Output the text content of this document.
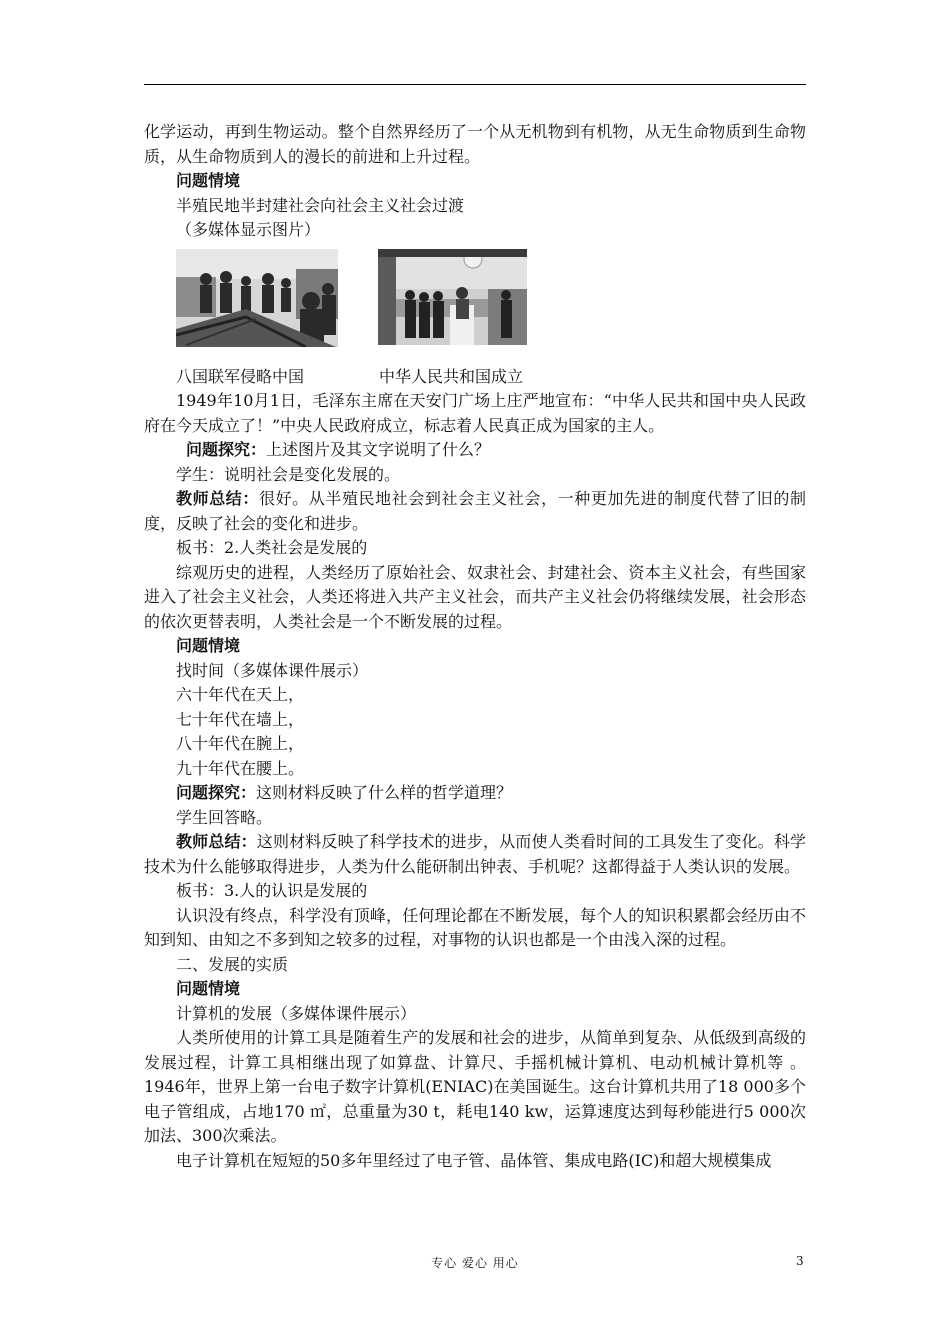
化学运动，再到生物运动。整个自然界经历了一个从无机物到有机物，从无生命物质到生命物质，从生命物质到人的漫长的前进和上升过程。

问题情境

半殖民地半封建社会向社会主义社会过渡

（多媒体显示图片）

八国联军侵略中国	中华人民共和国成立

1949年10月1日，毛泽东主席在天安门广场上庄严地宣布：“中华人民共和国中央人民政府在今天成立了！”中央人民政府成立，标志着人民真正成为国家的主人。

问题探究：上述图片及其文字说明了什么？

学生：说明社会是变化发展的。

教师总结：很好。从半殖民地社会到社会主义社会，一种更加先进的制度代替了旧的制度，反映了社会的变化和进步。

板书：2.人类社会是发展的

综观历史的进程，人类经历了原始社会、奴隶社会、封建社会、资本主义社会，有些国家进入了社会主义社会，人类还将进入共产主义社会，而共产主义社会仍将继续发展，社会形态的依次更替表明，人类社会是一个不断发展的过程。

问题情境

找时间（多媒体课件展示）

六十年代在天上，

七十年代在墙上，

八十年代在腕上，

九十年代在腰上。

问题探究：这则材料反映了什么样的哲学道理？

学生回答略。

教师总结：这则材料反映了科学技术的进步，从而使人类看时间的工具发生了变化。科学技术为什么能够取得进步，人类为什么能研制出钟表、手机呢？这都得益于人类认识的发展。

板书：3.人的认识是发展的

认识没有终点，科学没有顶峰，任何理论都在不断发展，每个人的知识积累都会经历由不知到知、由知之不多到知之较多的过程，对事物的认识也都是一个由浅入深的过程。

二、发展的实质

问题情境

计算机的发展（多媒体课件展示）

人类所使用的计算工具是随着生产的发展和社会的进步，从简单到复杂、从低级到高级的发展过程，计算工具相继出现了如算盘、计算尺、手摇机械计算机、电动机械计算机等 。1946年，世界上第一台电子数字计算机(ENIAC)在美国诞生。这台计算机共用了18 000多个电子管组成，占地170 ㎡，总重量为30 t，耗电140 kw，运算速度达到每秒能进行5 000次加法、300次乘法。

电子计算机在短短的50多年里经过了电子管、晶体管、集成电路(IC)和超大规模集成

专心 爱心 用心	3
